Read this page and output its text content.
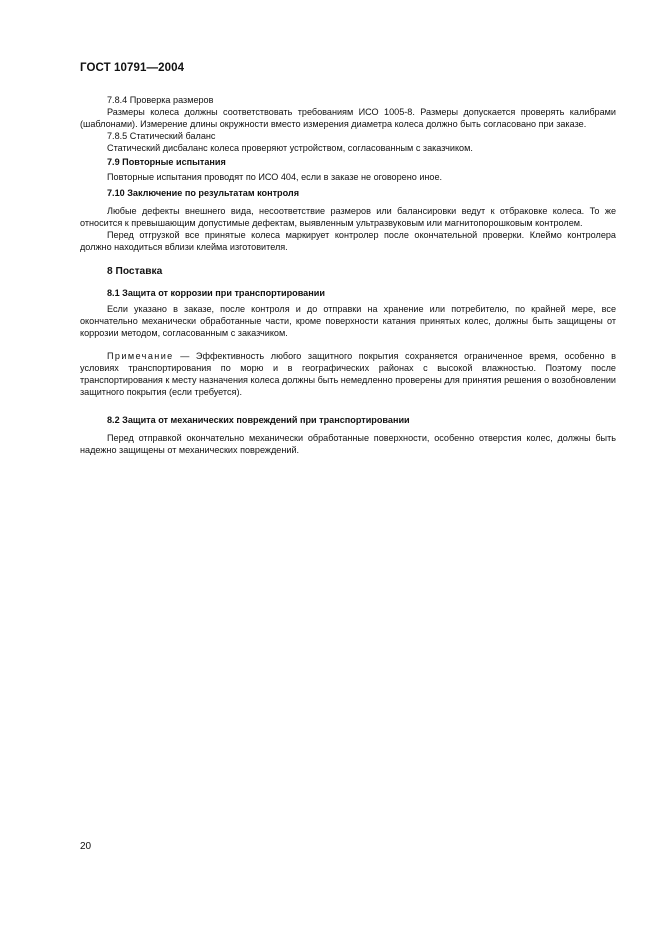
ГОСТ 10791—2004

7.8.4 Проверка размеров

Размеры колеса должны соответствовать требованиям ИСО 1005-8. Размеры допускается проверять калибрами (шаблонами). Измерение длины окружности вместо измерения диаметра колеса должно быть согласовано при заказе.

7.8.5 Статический баланс

Статический дисбаланс колеса проверяют устройством, согласованным с заказчиком.

7.9 Повторные испытания

Повторные испытания проводят по ИСО 404, если в заказе не оговорено иное.

7.10 Заключение по результатам контроля

Любые дефекты внешнего вида, несоответствие размеров или балансировки ведут к отбраковке колеса. То же относится к превышающим допустимые дефектам, выявленным ультразвуковым или магнитопорошковым контролем.

Перед отгрузкой все принятые колеса маркирует контролер после окончательной проверки. Клеймо контролера должно находиться вблизи клейма изготовителя.

8 Поставка

8.1 Защита от коррозии при транспортировании

Если указано в заказе, после контроля и до отправки на хранение или потребителю, по крайней мере, все окончательно механически обработанные части, кроме поверхности катания принятых колес, должны быть защищены от коррозии методом, согласованным с заказчиком.

Примечание — Эффективность любого защитного покрытия сохраняется ограниченное время, особенно в условиях транспортирования по морю и в географических районах с высокой влажностью. Поэтому после транспортирования к месту назначения колеса должны быть немедленно проверены для принятия решения о возобновлении защитного покрытия (если требуется).

8.2 Защита от механических повреждений при транспортировании

Перед отправкой окончательно механически обработанные поверхности, особенно отверстия колес, должны быть надежно защищены от механических повреждений.

20
